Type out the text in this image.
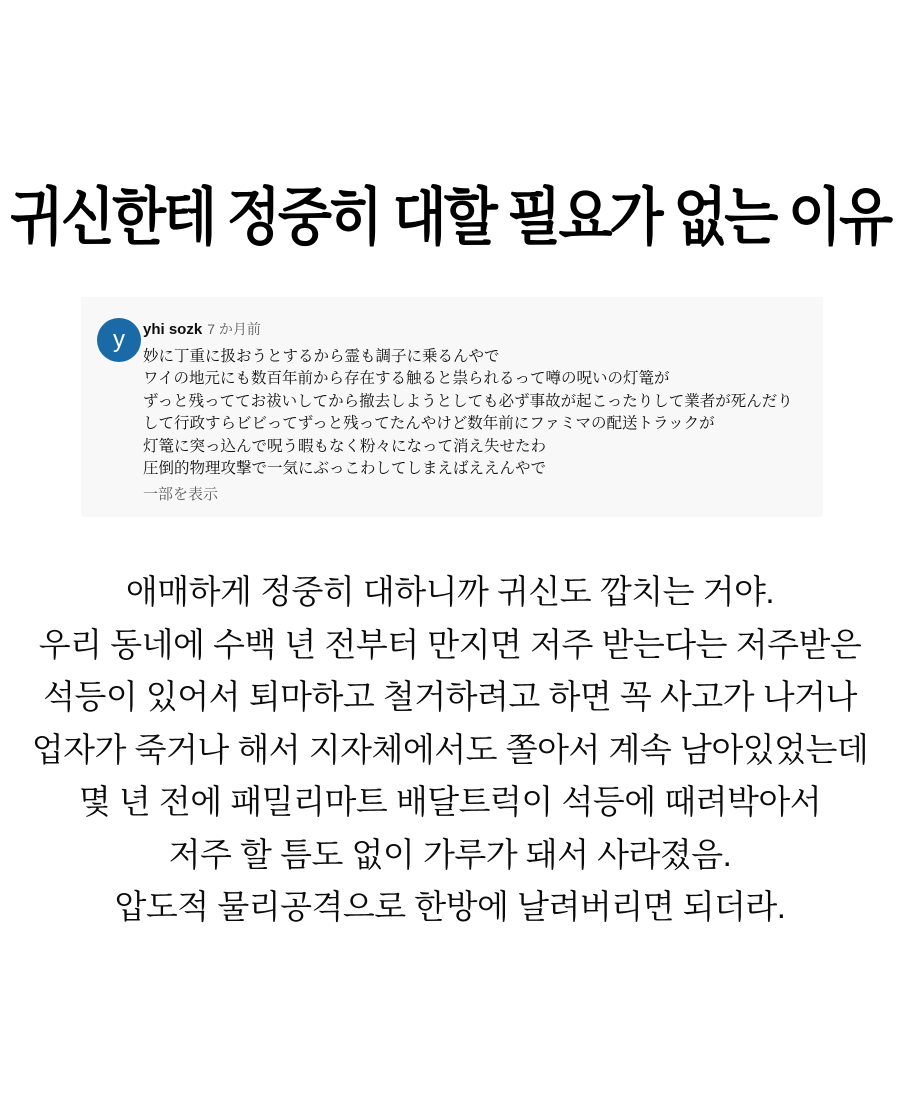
귀신한테 정중히 대할 필요가 없는 이유
y yhi sozk 7 か月前
妙に丁重に扱おうとするから霊も調子に乗るんやで
ワイの地元にも数百年前から存在する触ると祟られるって噂の呪いの灯篭が
ずっと残っててお祓いしてから撤去しようとしても必ず事故が起こったりして業者が死んだり
して行政すらビビってずっと残ってたんやけど数年前にファミマの配送トラックが
灯篭に突っ込んで呪う暇もなく粉々になって消え失せたわ
圧倒的物理攻撃で一気にぶっこわしてしまえばええんやで
一部を表示
애매하게 정중히 대하니까 귀신도 깝치는 거야.
우리 동네에 수백 년 전부터 만지면 저주 받는다는 저주받은
석등이 있어서 퇴마하고 철거하려고 하면 꼭 사고가 나거나
업자가 죽거나 해서 지자체에서도 쫄아서 계속 남아있었는데
몇 년 전에 패밀리마트 배달트럭이 석등에 때려박아서
저주 할 틈도 없이 가루가 돼서 사라졌음.
압도적 물리공격으로 한방에 날려버리면 되더라.
